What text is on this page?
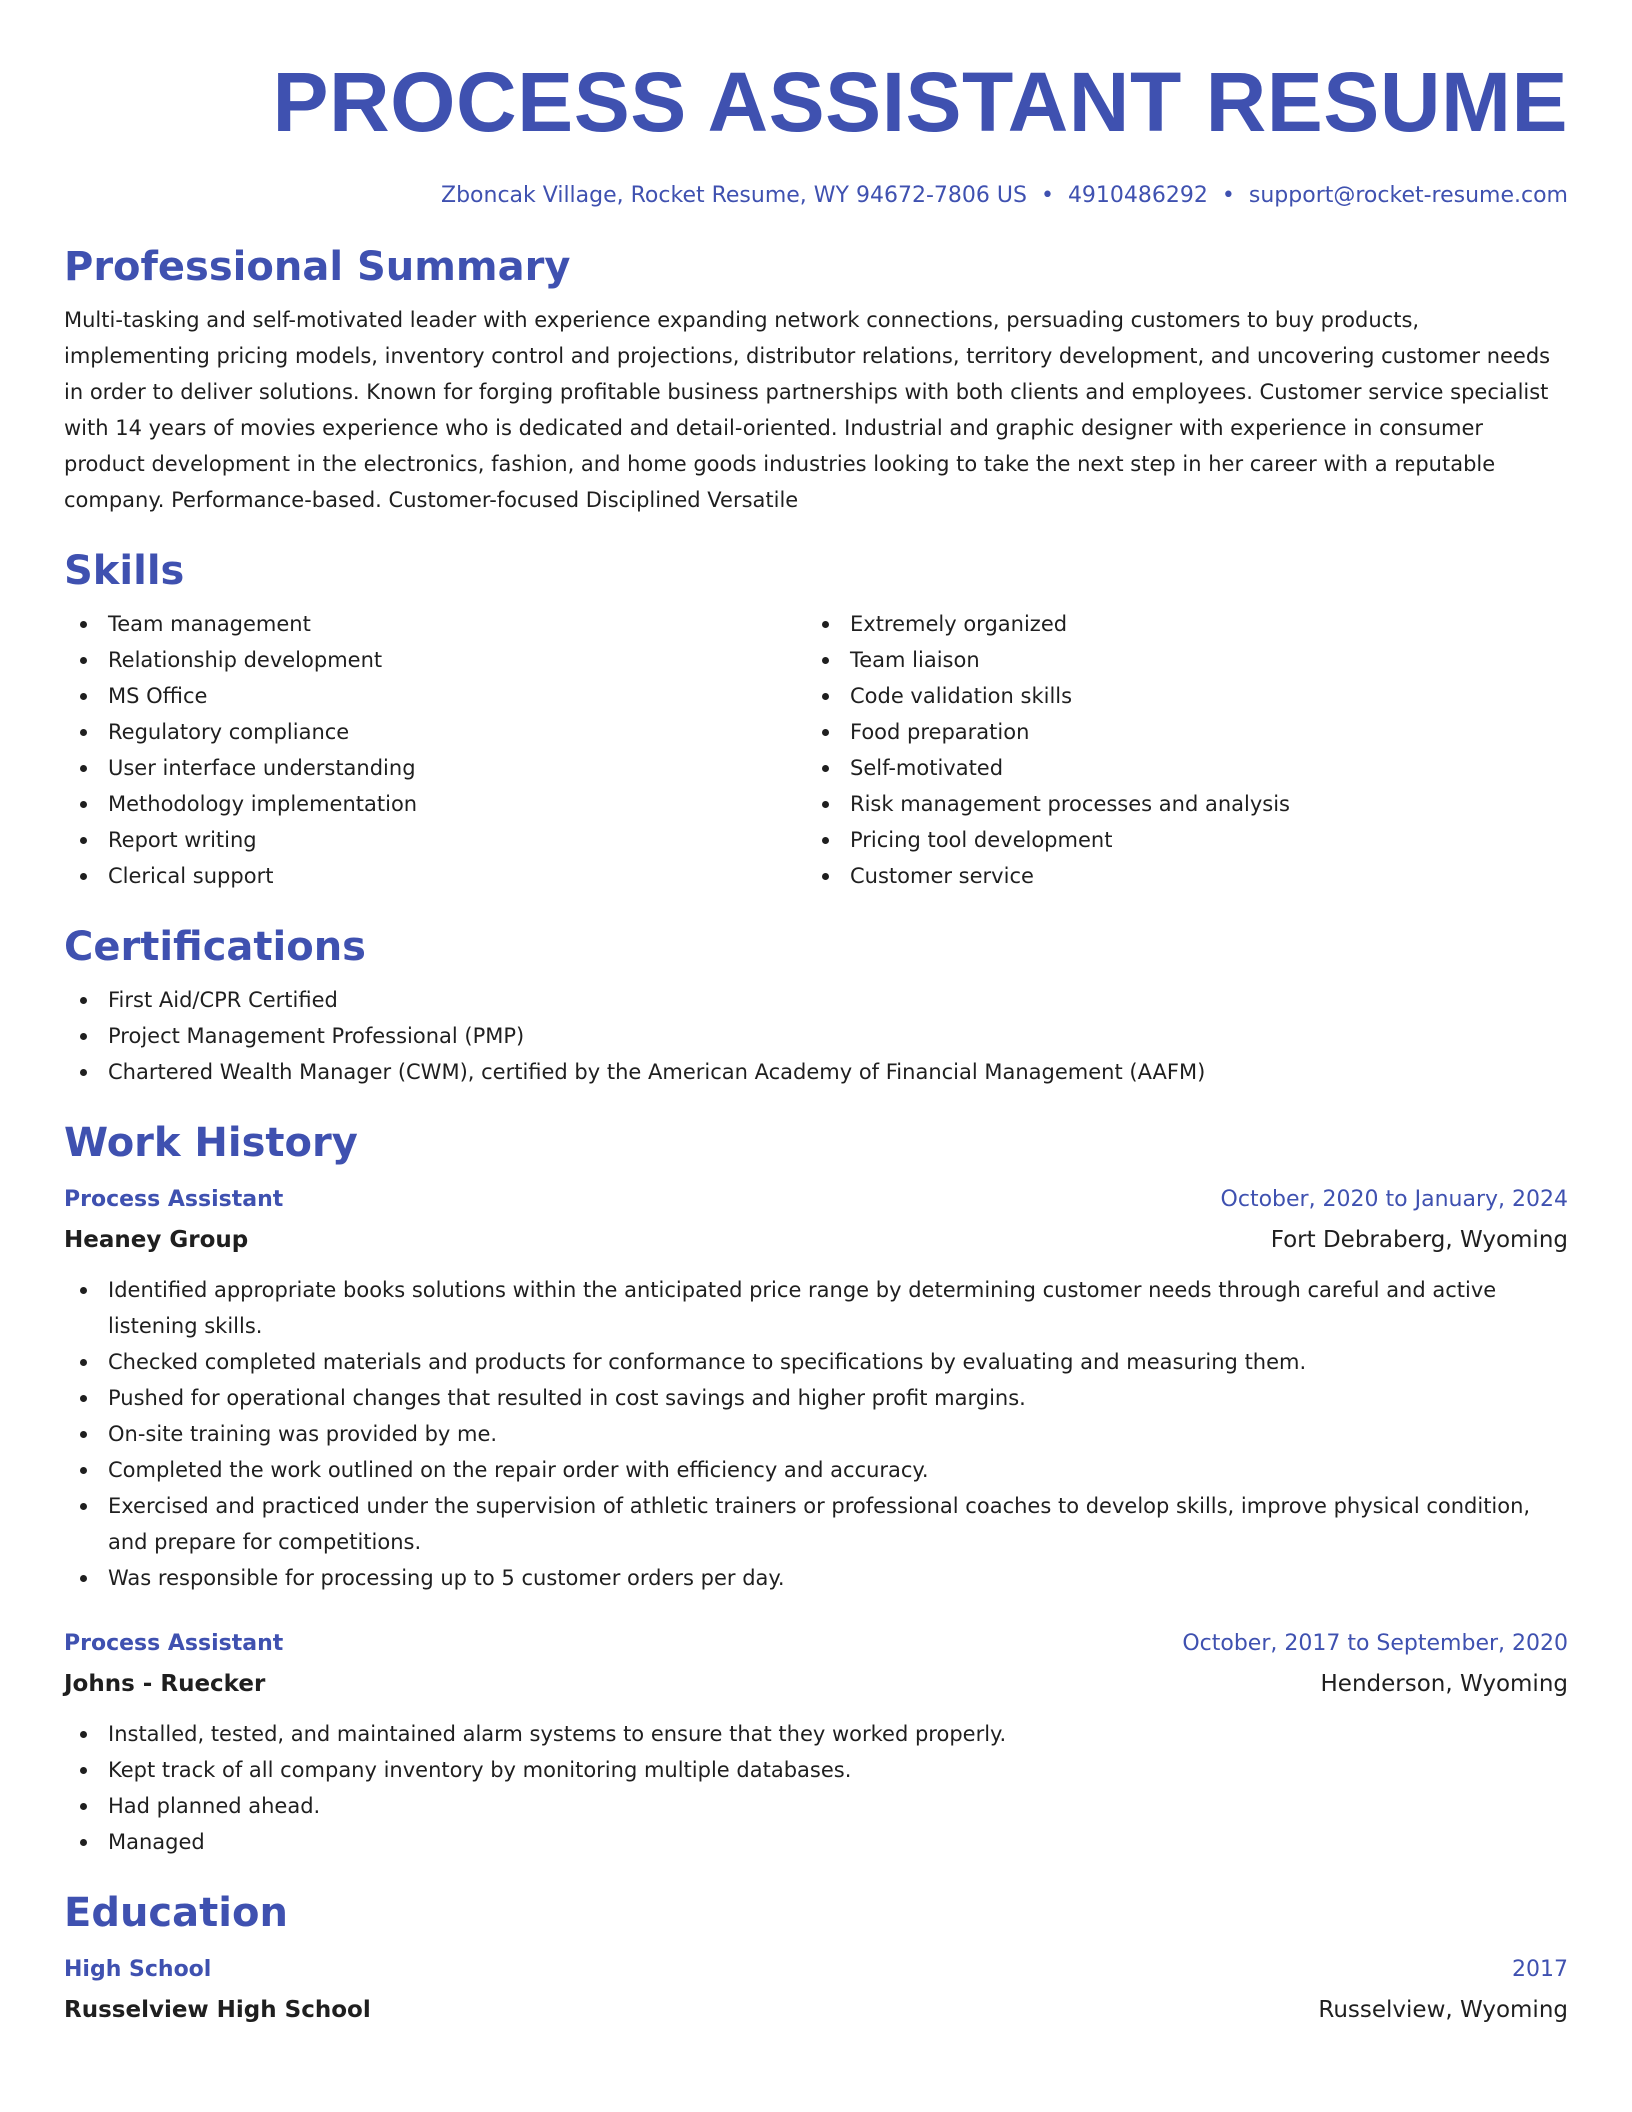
PROCESS ASSISTANT RESUME
Zboncak Village, Rocket Resume, WY 94672-7806 US • 4910486292 • support@rocket-resume.com
Professional Summary

Multi-tasking and self-motivated leader with experience expanding network connections, persuading customers to buy products, implementing pricing models, inventory control and projections, distributor relations, territory development, and uncovering customer needs in order to deliver solutions. Known for forging profitable business partnerships with both clients and employees. Customer service specialist with 14 years of movies experience who is dedicated and detail-oriented. Industrial and graphic designer with experience in consumer product development in the electronics, fashion, and home goods industries looking to take the next step in her career with a reputable company. Performance-based. Customer-focused Disciplined Versatile

Skills
Team management
Relationship development
MS Office
Regulatory compliance
User interface understanding
Methodology implementation
Report writing
Clerical support
Extremely organized
Team liaison
Code validation skills
Food preparation
Self-motivated
Risk management processes and analysis
Pricing tool development
Customer service
Certifications
First Aid/CPR Certified
Project Management Professional (PMP)
Chartered Wealth Manager (CWM), certified by the American Academy of Financial Management (AAFM)
Work History
Process Assistant	October, 2020 to January, 2024
Heaney Group	Fort Debraberg, Wyoming
Identified appropriate books solutions within the anticipated price range by determining customer needs through careful and active listening skills.
Checked completed materials and products for conformance to specifications by evaluating and measuring them.
Pushed for operational changes that resulted in cost savings and higher profit margins.
On-site training was provided by me.
Completed the work outlined on the repair order with efficiency and accuracy.
Exercised and practiced under the supervision of athletic trainers or professional coaches to develop skills, improve physical condition, and prepare for competitions.
Was responsible for processing up to 5 customer orders per day.
Process Assistant	October, 2017 to September, 2020
Johns - Ruecker	Henderson, Wyoming
Installed, tested, and maintained alarm systems to ensure that they worked properly.
Kept track of all company inventory by monitoring multiple databases.
Had planned ahead.
Managed
Education
High School	2017
Russelview High School	Russelview, Wyoming
